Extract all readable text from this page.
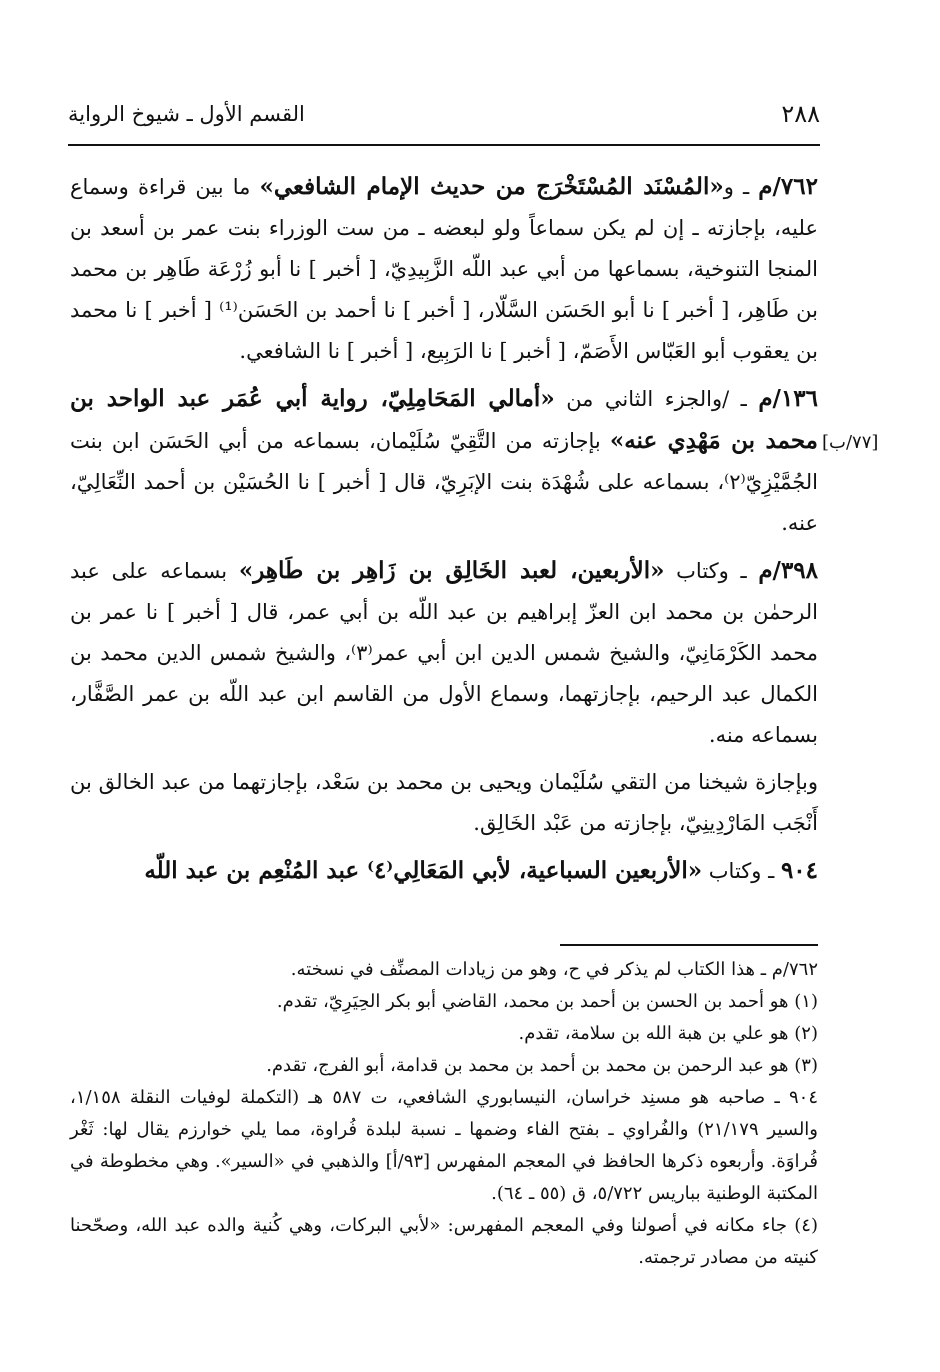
٢٨٨
القسم الأول ـ شيوخ الرواية
[٧٧/ب]

٧٦٢/م ـ و«المُسْنَد المُسْتَخْرَج من حديث الإمام الشافعي» ما بين قراءة وسماع عليه، بإجازته ـ إن لم يكن سماعاً ولو لبعضه ـ من ست الوزراء بنت عمر بن أسعد بن المنجا التنوخية، بسماعها من أبي عبد اللّه الزَّبِيدِيّ، [ أخبر ] نا أبو زُرْعَة طَاهِر بن محمد بن طَاهِر، [ أخبر ] نا أبو الحَسَن السَّلّار، [ أخبر ] نا أحمد بن الحَسَن⁽¹⁾ [ أخبر ] نا محمد بن يعقوب أبو العَبّاس الأَصَمّ، [ أخبر ] نا الرَبِيع، [ أخبر ] نا الشافعي.

١٣٦/م ـ /والجزء الثاني من «أمالي المَحَامِلِيّ، رواية أبي عُمَر عبد الواحد بن محمد بن مَهْدِي عنه» بإجازته من التَّقِيّ سُلَيْمان، بسماعه من أبي الحَسَن ابن بنت الجُمَّيْزِيّ⁽٢⁾، بسماعه على شُهْدَة بنت الإبَرِيّ، قال [ أخبر ] نا الحُسَيْن بن أحمد النِّعَالِيّ، عنه.

٣٩٨/م ـ وكتاب «الأربعين، لعبد الخَالِق بن زَاهِر بن طَاهِر» بسماعه على عبد الرحمٰن بن محمد ابن العزّ إبراهيم بن عبد اللّه بن أبي عمر، قال [ أخبر ] نا عمر بن محمد الكَرْمَانِيّ، والشيخ شمس الدين ابن أبي عمر⁽٣⁾، والشيخ شمس الدين محمد بن الكمال عبد الرحيم، بإجازتهما، وسماع الأول من القاسم ابن عبد اللّه بن عمر الصَّفَّار، بسماعه منه.

وبإجازة شيخنا من التقي سُلَيْمان ويحيى بن محمد بن سَعْد، بإجازتهما من عبد الخالق بن أَنْجَب المَارْدِينِيّ، بإجازته من عَبْد الخَالِق.

٩٠٤ ـ وكتاب «الأربعين السباعية، لأبي المَعَالِي⁽٤⁾ عبد المُنْعِم بن عبد اللّه

٧٦٢/م ـ هذا الكتاب لم يذكر في ح، وهو من زيادات المصنِّف في نسخته.

(١) هو أحمد بن الحسن بن أحمد بن محمد، القاضي أبو بكر الحِيَرِيّ، تقدم.

(٢) هو علي بن هبة الله بن سلامة، تقدم.

(٣) هو عبد الرحمن بن محمد بن أحمد بن محمد بن قدامة، أبو الفرج، تقدم.

٩٠٤ ـ صاحبه هو مسنِد خراسان، النيسابوري الشافعي، ت ٥٨٧ هـ (التكملة لوفيات النقلة ١/١٥٨، والسير ٢١/١٧٩) والفُراوي ـ بفتح الفاء وضمها ـ نسبة لبلدة فُراوة، مما يلي خوارزم يقال لها: ثَغْر فُراوَة. وأربعوه ذكرها الحافظ في المعجم المفهرس [٩٣/أ] والذهبي في «السير». وهي مخطوطة في المكتبة الوطنية بباريس ٥/٧٢٢، ق (٥٥ ـ ٦٤).

(٤) جاء مكانه في أصولنا وفي المعجم المفهرس: «لأبي البركات، وهي كُنية والده عبد الله، وصحّحنا كنيته من مصادر ترجمته.
